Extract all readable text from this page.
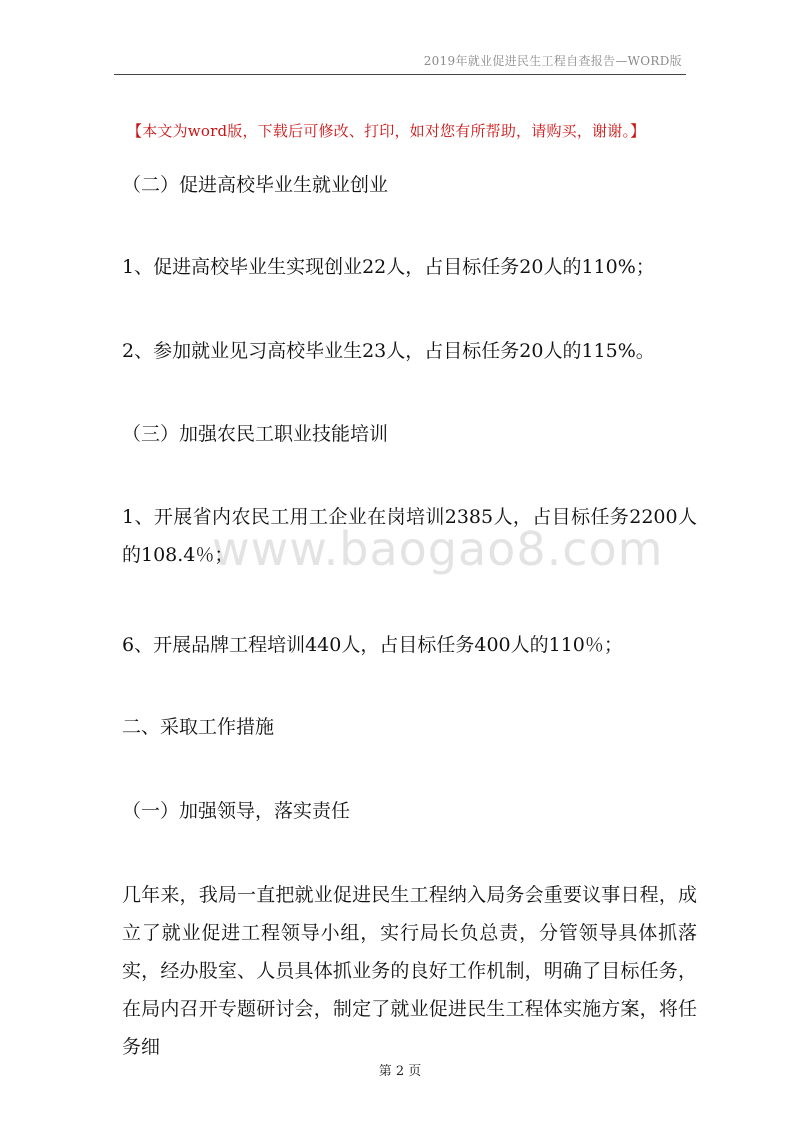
2019年就业促进民生工程自查报告—WORD版
【本文为word版，下载后可修改、打印，如对您有所帮助，请购买，谢谢。】
www.baogao8.com
（二）促进高校毕业生就业创业
1、促进高校毕业生实现创业22人，占目标任务20人的110%；
2、参加就业见习高校毕业生23人，占目标任务20人的115%。
（三）加强农民工职业技能培训
1、开展省内农民工用工企业在岗培训2385人，占目标任务2200人的108.4％；
6、开展品牌工程培训440人，占目标任务400人的110％；
二、采取工作措施
（一）加强领导，落实责任
几年来，我局一直把就业促进民生工程纳入局务会重要议事日程，成立了就业促进工程领导小组，实行局长负总责，分管领导具体抓落实，经办股室、人员具体抓业务的良好工作机制，明确了目标任务，在局内召开专题研讨会，制定了就业促进民生工程体实施方案，将任务细
第 2 页
